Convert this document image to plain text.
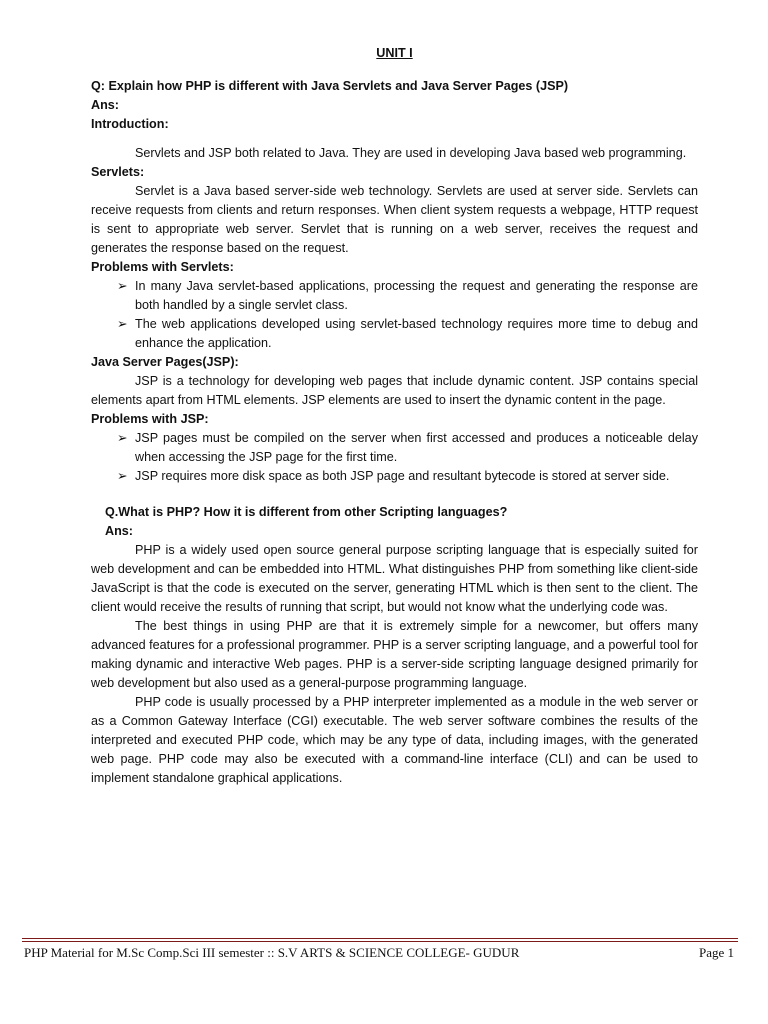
UNIT I

Q: Explain how PHP is different with Java Servlets and Java Server Pages (JSP)

Ans:

Introduction:

Servlets and JSP both related to Java. They are used in developing Java based web programming.

Servlets:

Servlet is a Java based server-side web technology. Servlets are used at server side. Servlets can receive requests from clients and return responses. When client system requests a webpage, HTTP request is sent to appropriate web server. Servlet that is running on a web server, receives the request and generates the response based on the request.

Problems with Servlets:

➢ In many Java servlet-based applications, processing the request and generating the response are both handled by a single servlet class.
➢ The web applications developed using servlet-based technology requires more time to debug and enhance the application.

Java Server Pages(JSP):

JSP is a technology for developing web pages that include dynamic content. JSP contains special elements apart from HTML elements. JSP elements are used to insert the dynamic content in the page.

Problems with JSP:

➢ JSP pages must be compiled on the server when first accessed and produces a noticeable delay when accessing the JSP page for the first time.
➢ JSP requires more disk space as both JSP page and resultant bytecode is stored at server side.

Q.What is PHP? How it is different from other Scripting languages?

Ans:

PHP is a widely used open source general purpose scripting language that is especially suited for web development and can be embedded into HTML. What distinguishes PHP from something like client-side JavaScript is that the code is executed on the server, generating HTML which is then sent to the client. The client would receive the results of running that script, but would not know what the underlying code was.

The best things in using PHP are that it is extremely simple for a newcomer, but offers many advanced features for a professional programmer. PHP is a server scripting language, and a powerful tool for making dynamic and interactive Web pages. PHP is a server-side scripting language designed primarily for web development but also used as a general-purpose programming language.

PHP code is usually processed by a PHP interpreter implemented as a module in the web server or as a Common Gateway Interface (CGI) executable. The web server software combines the results of the interpreted and executed PHP code, which may be any type of data, including images, with the generated web page. PHP code may also be executed with a command-line interface (CLI) and can be used to implement standalone graphical applications.

PHP Material for M.Sc Comp.Sci III semester :: S.V ARTS & SCIENCE COLLEGE- GUDUR	Page 1
